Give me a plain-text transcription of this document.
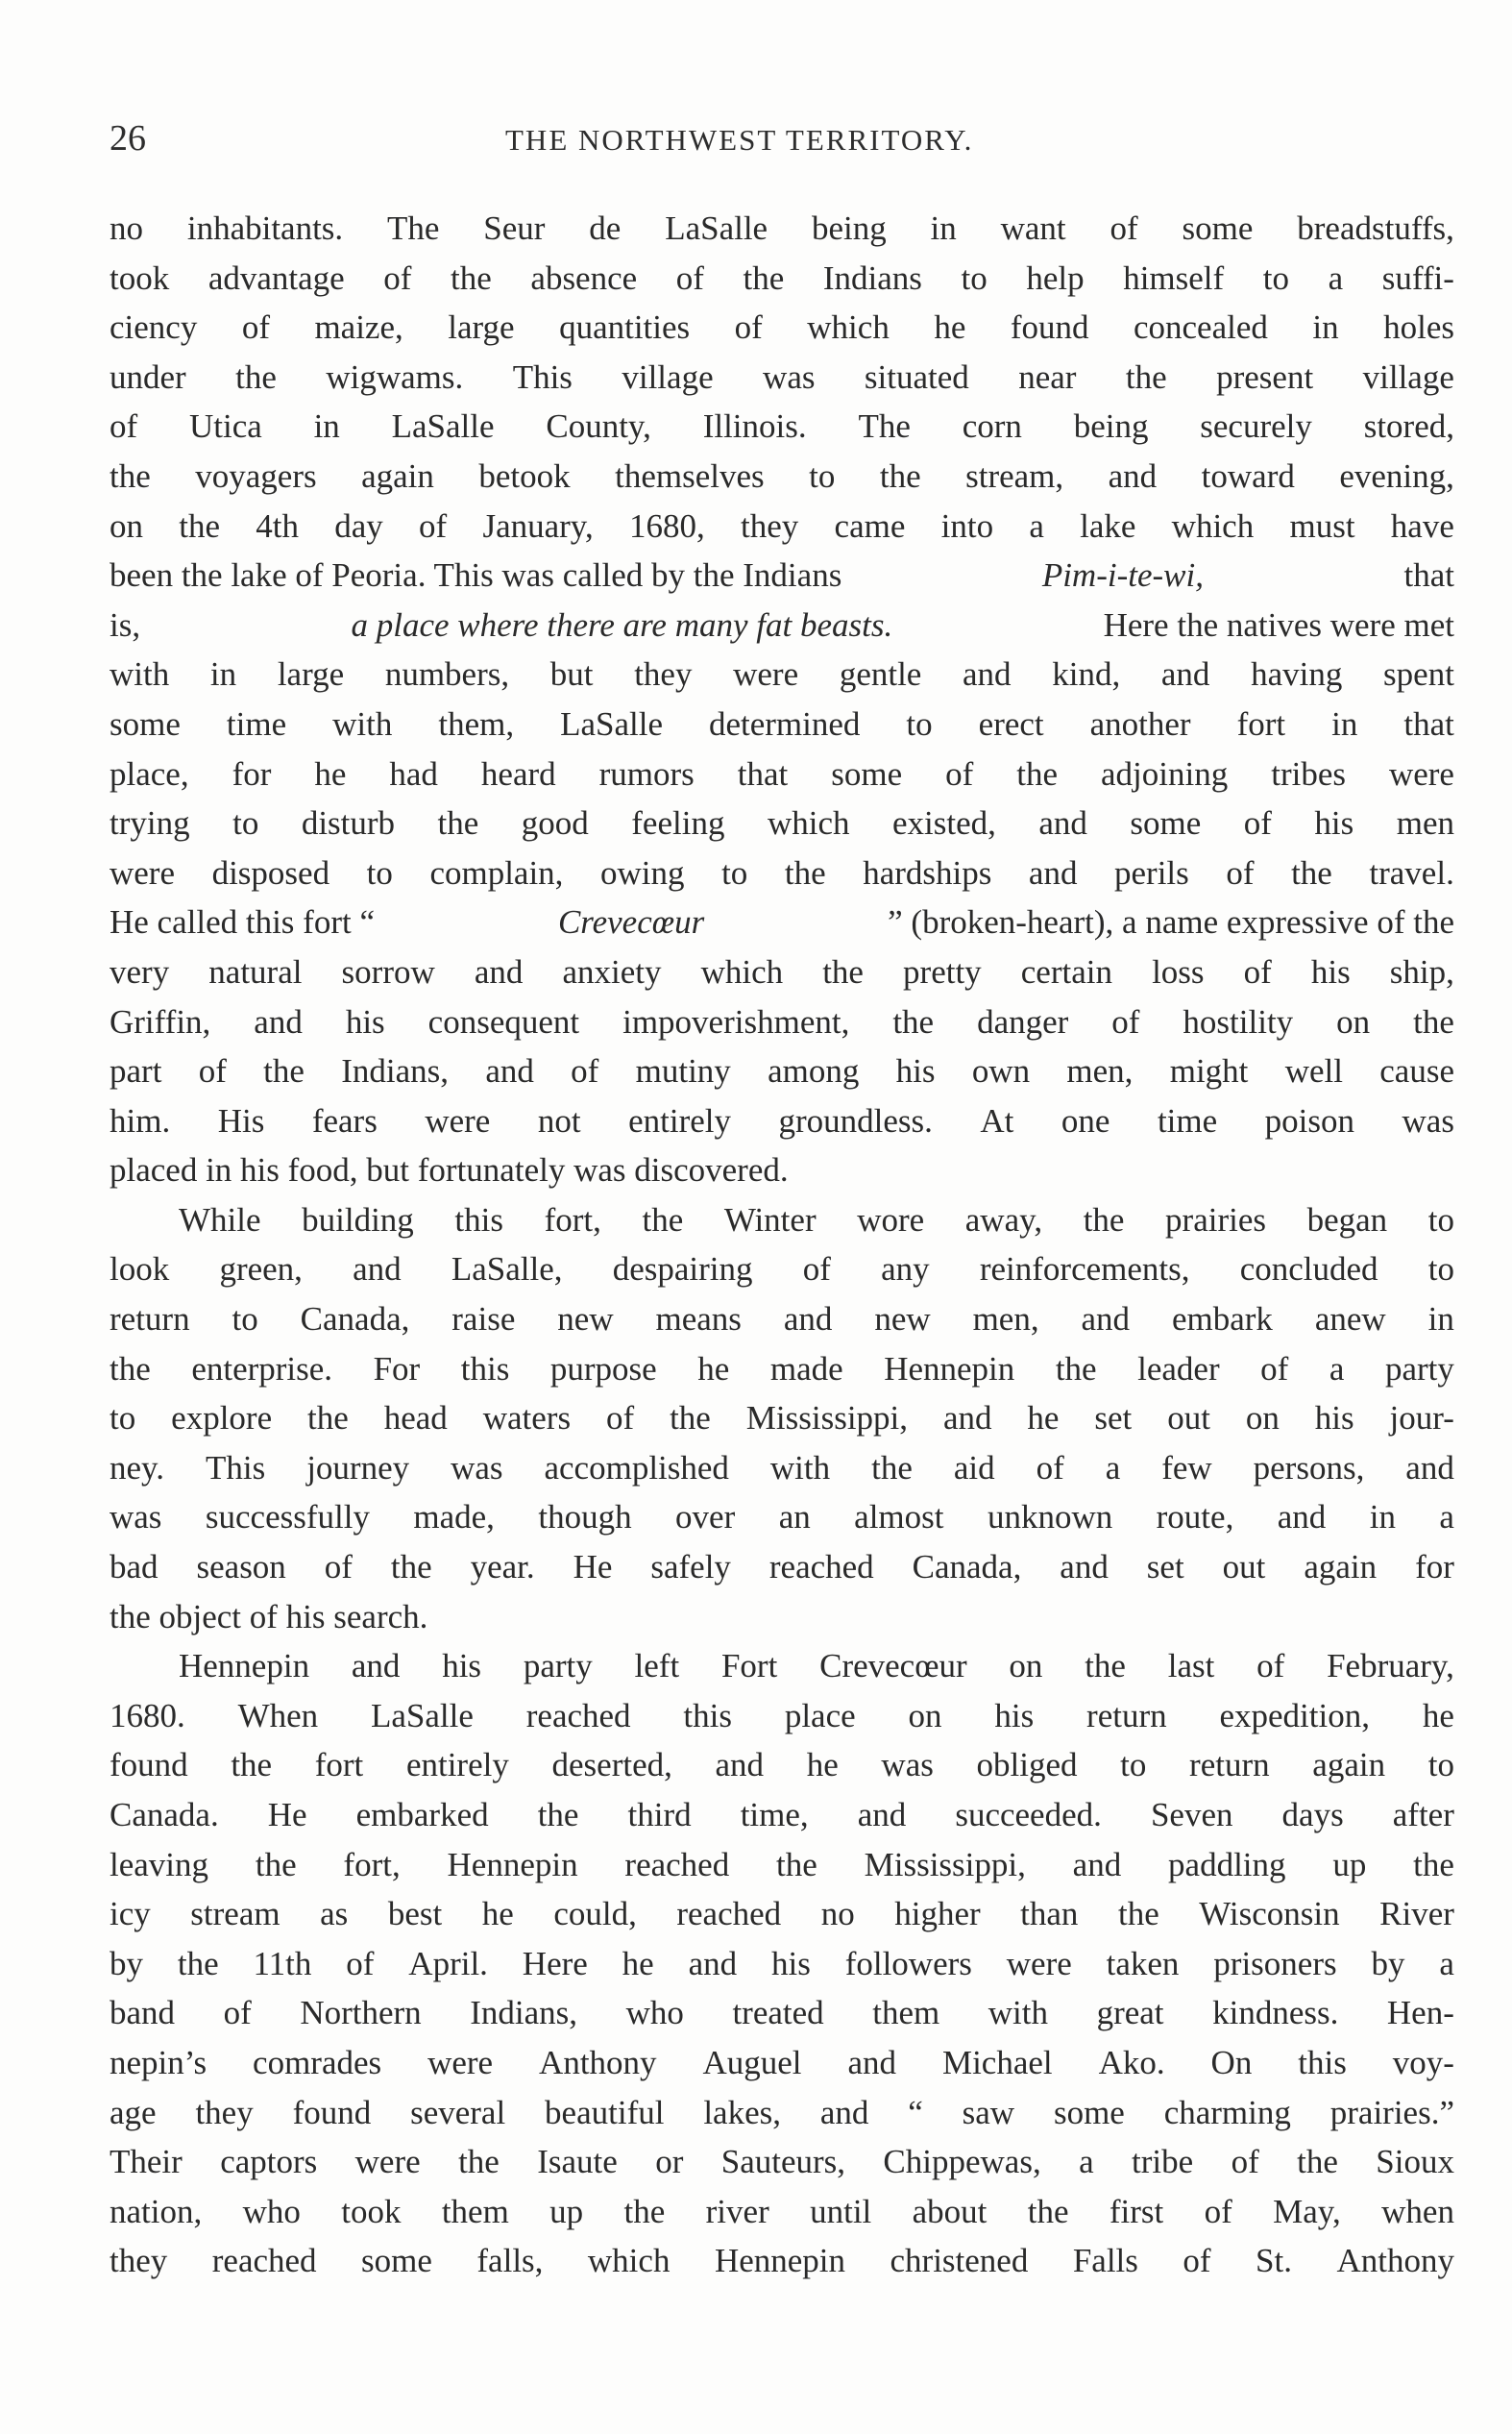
26	THE NORTHWEST TERRITORY.
no inhabitants. The Seur de LaSalle being in want of some breadstuffs,
took advantage of the absence of the Indians to help himself to a suffi-
ciency of maize, large quantities of which he found concealed in holes
under the wigwams. This village was situated near the present village
of Utica in LaSalle County, Illinois. The corn being securely stored,
the voyagers again betook themselves to the stream, and toward evening,
on the 4th day of January, 1680, they came into a lake which must have
been the lake of Peoria. This was called by the Indians	Pim-i-te-wi,	that
is,	a place where there are many fat beasts.	Here the natives were met
with in large numbers, but they were gentle and kind, and having spent
some time with them, LaSalle determined to erect another fort in that
place, for he had heard rumors that some of the adjoining tribes were
trying to disturb the good feeling which existed, and some of his men
were disposed to complain, owing to the hardships and perils of the travel.
He called this fort “	Crevecœur	” (broken-heart), a name expressive of the
very natural sorrow and anxiety which the pretty certain loss of his ship,
Griffin, and his consequent impoverishment, the danger of hostility on the
part of the Indians, and of mutiny among his own men, might well cause
him. His fears were not entirely groundless. At one time poison was
placed in his food, but fortunately was discovered.
While building this fort, the Winter wore away, the prairies began to
look green, and LaSalle, despairing of any reinforcements, concluded to
return to Canada, raise new means and new men, and embark anew in
the enterprise. For this purpose he made Hennepin the leader of a party
to explore the head waters of the Mississippi, and he set out on his jour-
ney. This journey was accomplished with the aid of a few persons, and
was successfully made, though over an almost unknown route, and in a
bad season of the year. He safely reached Canada, and set out again for
the object of his search.
Hennepin and his party left Fort Crevecœur on the last of February,
1680. When LaSalle reached this place on his return expedition, he
found the fort entirely deserted, and he was obliged to return again to
Canada. He embarked the third time, and succeeded. Seven days after
leaving the fort, Hennepin reached the Mississippi, and paddling up the
icy stream as best he could, reached no higher than the Wisconsin River
by the 11th of April. Here he and his followers were taken prisoners by a
band of Northern Indians, who treated them with great kindness. Hen-
nepin’s comrades were Anthony Auguel and Michael Ako. On this voy-
age they found several beautiful lakes, and “ saw some charming prairies.”
Their captors were the Isaute or Sauteurs, Chippewas, a tribe of the Sioux
nation, who took them up the river until about the first of May, when
they reached some falls, which Hennepin christened Falls of St. Anthony
